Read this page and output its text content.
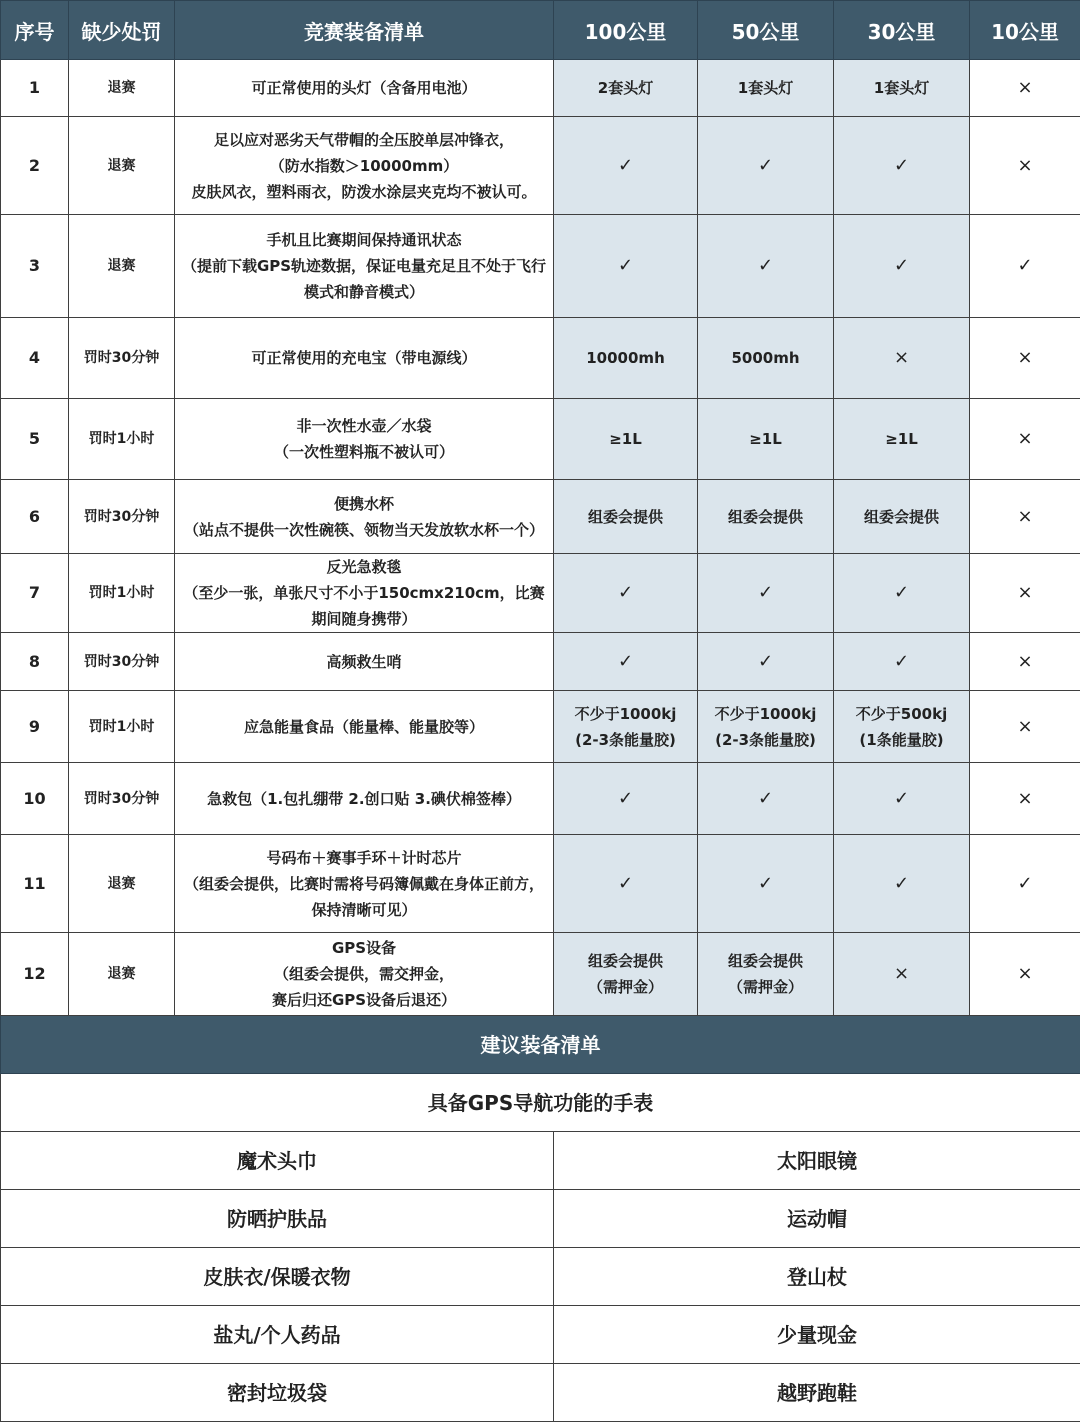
序号	缺少处罚	竞赛装备清单	100公里	50公里	30公里	10公里
1	退赛	可正常使用的头灯（含备用电池）	2套头灯	1套头灯	1套头灯	×

2	退赛	足以应对恶劣天气带帽的全压胶单层冲锋衣，
（防水指数＞10000mm）
皮肤风衣，塑料雨衣，防泼水涂层夹克均不被认可。	✓	✓	✓	×

3	退赛	手机且比赛期间保持通讯状态
（提前下载GPS轨迹数据，保证电量充足且不处于飞行
模式和静音模式）	✓	✓	✓	✓

4	罚时30分钟	可正常使用的充电宝（带电源线）	10000mh	5000mh	×	×

5	罚时1小时	非一次性水壶／水袋
（一次性塑料瓶不被认可）	≥1L	≥1L	≥1L	×

6	罚时30分钟	便携水杯
（站点不提供一次性碗筷、领物当天发放软水杯一个）	组委会提供	组委会提供	组委会提供	×

7	罚时1小时	反光急救毯
（至少一张，单张尺寸不小于150cmx210cm，比赛
期间随身携带）	✓	✓	✓	×

8	罚时30分钟	高频救生哨	✓	✓	✓	×

9	罚时1小时	应急能量食品（能量棒、能量胶等）	不少于1000kj
(2-3条能量胶)	不少于1000kj
(2-3条能量胶)	不少于500kj
(1条能量胶)	×

10	罚时30分钟	急救包（1.包扎绷带 2.创口贴 3.碘伏棉签棒）	✓	✓	✓	×

11	退赛	号码布＋赛事手环＋计时芯片
（组委会提供，比赛时需将号码簿佩戴在身体正前方，
保持清晰可见）	✓	✓	✓	✓

12	退赛	GPS设备
（组委会提供，需交押金，
赛后归还GPS设备后退还）	组委会提供
（需押金）	组委会提供
（需押金）	×	×

建议装备清单						
具备GPS导航功能的手表						
魔术头巾			太阳眼镜			
防晒护肤品			运动帽			
皮肤衣/保暖衣物			登山杖			
盐丸/个人药品			少量现金			
密封垃圾袋			越野跑鞋			
